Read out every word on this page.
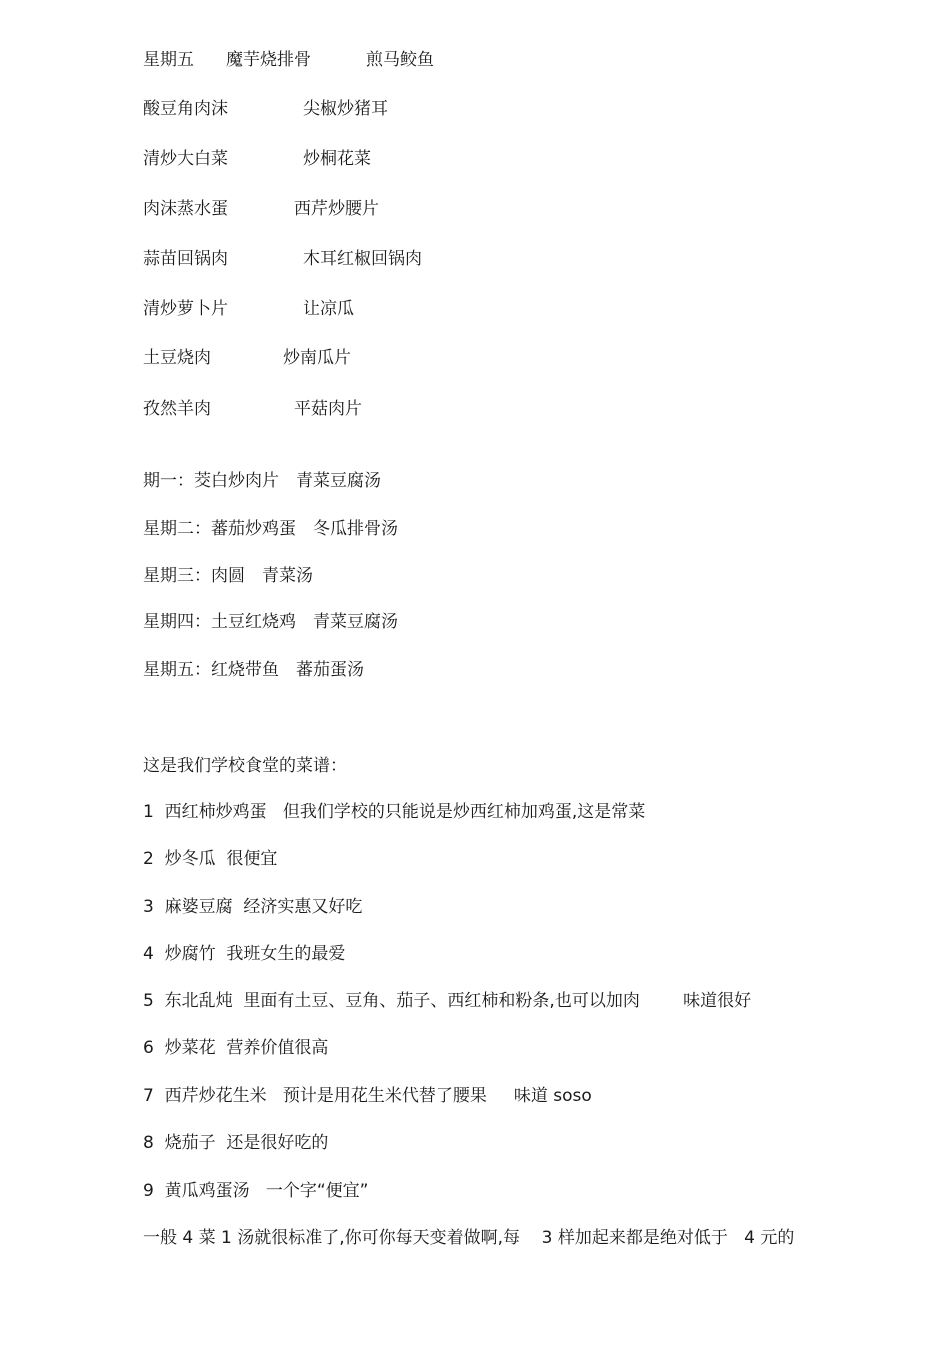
星期五 魔芋烧排骨	煎马鲛鱼
酸豆角肉沫	尖椒炒猪耳
清炒大白菜	炒桐花菜
肉沫蒸水蛋	西芹炒腰片
蒜苗回锅肉	木耳红椒回锅肉
清炒萝卜片	让凉瓜
土豆烧肉	炒南瓜片
孜然羊肉	平菇肉片
期一：茭白炒肉片　青菜豆腐汤
星期二：蕃茄炒鸡蛋　冬瓜排骨汤
星期三：肉圆　青菜汤
星期四：土豆红烧鸡　青菜豆腐汤
星期五：红烧带鱼　蕃茄蛋汤
这是我们学校食堂的菜谱：
1  西红柿炒鸡蛋   但我们学校的只能说是炒西红柿加鸡蛋,这是常菜
2  炒冬瓜  很便宜
3  麻婆豆腐  经济实惠又好吃
4  炒腐竹  我班女生的最爱
5  东北乱炖  里面有土豆、豆角、茄子、西红柿和粉条,也可以加肉        味道很好
6  炒菜花  营养价值很高
7  西芹炒花生米   预计是用花生米代替了腰果     味道 soso
8  烧茄子  还是很好吃的
9  黄瓜鸡蛋汤   一个字“便宜”
一般 4 菜 1 汤就很标准了,你可你每天变着做啊,每    3 样加起来都是绝对低于   4 元的
